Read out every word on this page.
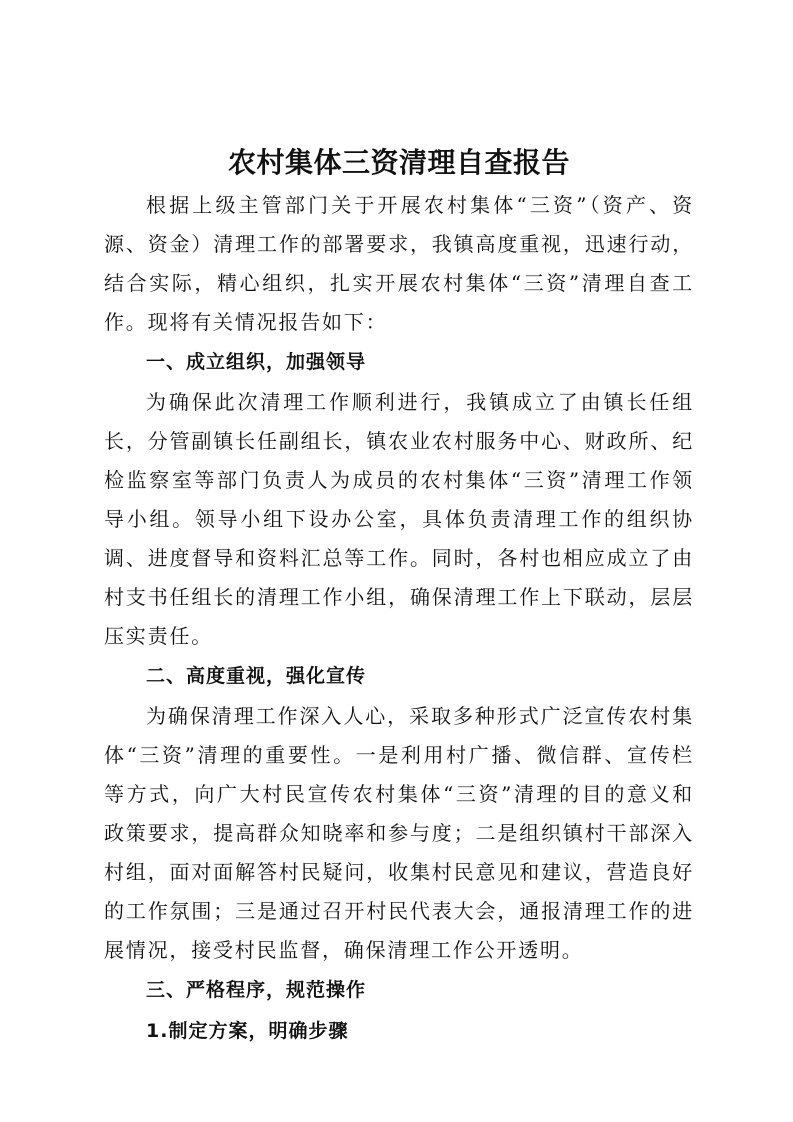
农村集体三资清理自查报告

根据上级主管部门关于开展农村集体“三资”（资产、资源、资金）清理工作的部署要求，我镇高度重视，迅速行动，结合实际，精心组织，扎实开展农村集体“三资”清理自查工作。现将有关情况报告如下：

一、成立组织，加强领导

为确保此次清理工作顺利进行，我镇成立了由镇长任组长，分管副镇长任副组长，镇农业农村服务中心、财政所、纪检监察室等部门负责人为成员的农村集体“三资”清理工作领导小组。领导小组下设办公室，具体负责清理工作的组织协调、进度督导和资料汇总等工作。同时，各村也相应成立了由村支书任组长的清理工作小组，确保清理工作上下联动，层层压实责任。

二、高度重视，强化宣传

为确保清理工作深入人心，采取多种形式广泛宣传农村集体“三资”清理的重要性。一是利用村广播、微信群、宣传栏等方式，向广大村民宣传农村集体“三资”清理的目的意义和政策要求，提高群众知晓率和参与度；二是组织镇村干部深入村组，面对面解答村民疑问，收集村民意见和建议，营造良好的工作氛围；三是通过召开村民代表大会，通报清理工作的进展情况，接受村民监督，确保清理工作公开透明。

三、严格程序，规范操作

1.制定方案，明确步骤
